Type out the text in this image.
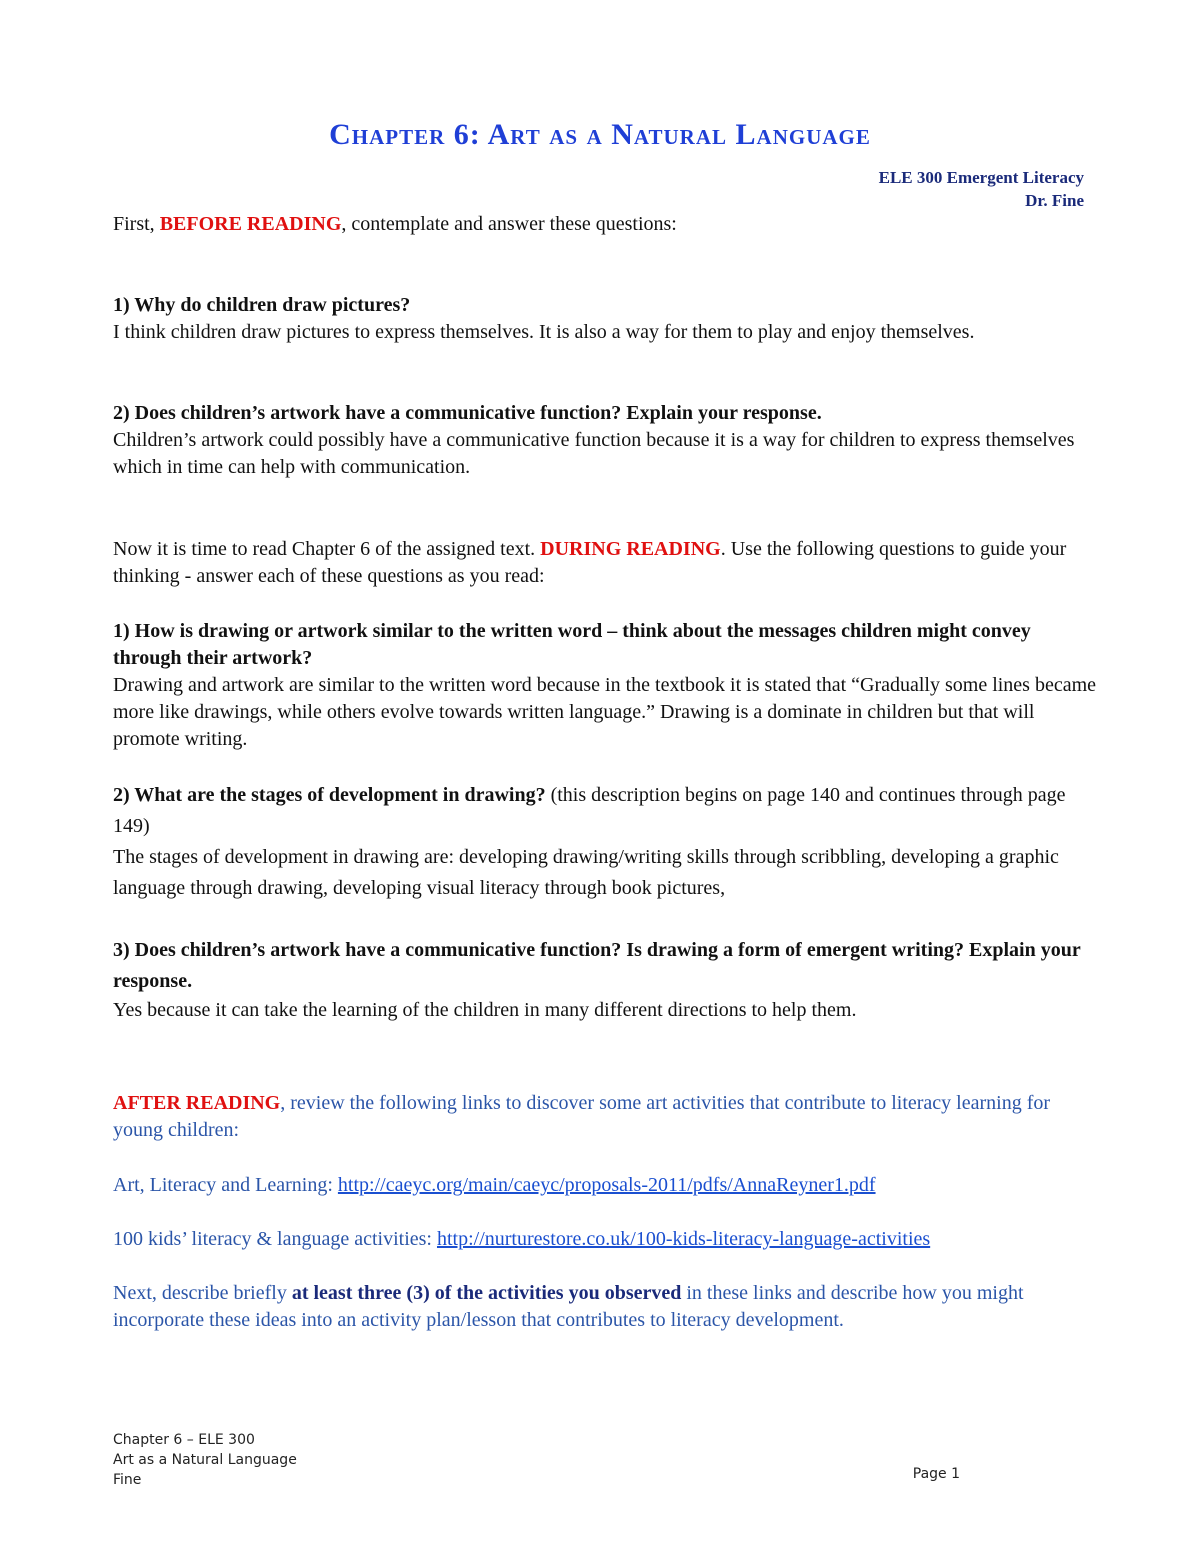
Chapter 6: Art as a Natural Language
ELE 300 Emergent Literacy
Dr. Fine

First, BEFORE READING, contemplate and answer these questions:

1) Why do children draw pictures?

I think children draw pictures to express themselves. It is also a way for them to play and enjoy themselves.

2) Does children’s artwork have a communicative function? Explain your response.

Children’s artwork could possibly have a communicative function because it is a way for children to express themselves which in time can help with communication.

Now it is time to read Chapter 6 of the assigned text. DURING READING. Use the following questions to guide your thinking - answer each of these questions as you read:

1) How is drawing or artwork similar to the written word – think about the messages children might convey through their artwork?

Drawing and artwork are similar to the written word because in the textbook it is stated that “Gradually some lines became more like drawings, while others evolve towards written language.” Drawing is a dominate in children but that will promote writing.

2) What are the stages of development in drawing? (this description begins on page 140 and continues through page 149)

The stages of development in drawing are: developing drawing/writing skills through scribbling, developing a graphic language through drawing, developing visual literacy through book pictures,

3) Does children’s artwork have a communicative function? Is drawing a form of emergent writing? Explain your response.

Yes because it can take the learning of the children in many different directions to help them.

AFTER READING, review the following links to discover some art activities that contribute to literacy learning for young children:

Art, Literacy and Learning: http://caeyc.org/main/caeyc/proposals-2011/pdfs/AnnaReyner1.pdf

100 kids’ literacy & language activities: http://nurturestore.co.uk/100-kids-literacy-language-activities

Next, describe briefly at least three (3) of the activities you observed in these links and describe how you might incorporate these ideas into an activity plan/lesson that contributes to literacy development.

Chapter 6 – ELE 300
Art as a Natural Language
Fine	Page 1
